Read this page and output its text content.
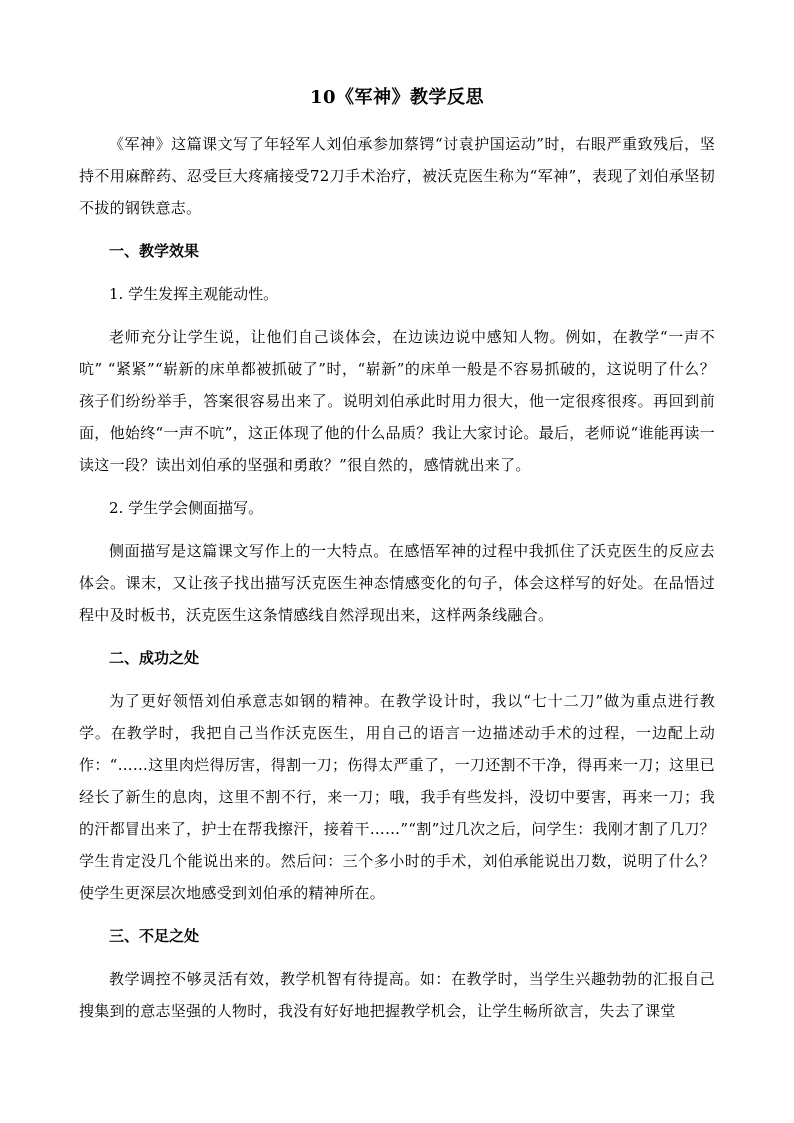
10《军神》教学反思

《军神》这篇课文写了年轻军人刘伯承参加蔡锷“讨袁护国运动”时，右眼严重致残后，坚持不用麻醉药、忍受巨大疼痛接受72刀手术治疗，被沃克医生称为“军神”，表现了刘伯承坚韧不拔的钢铁意志。

一、教学效果

1. 学生发挥主观能动性。

老师充分让学生说，让他们自己谈体会，在边读边说中感知人物。例如，在教学“一声不吭” “紧紧”“崭新的床单都被抓破了”时，“崭新”的床单一般是不容易抓破的，这说明了什么？ 孩子们纷纷举手，答案很容易出来了。说明刘伯承此时用力很大，他一定很疼很疼。再回到前面，他始终“一声不吭”，这正体现了他的什么品质？我让大家讨论。最后，老师说“谁能再读一读这一段？读出刘伯承的坚强和勇敢？”很自然的，感情就出来了。

2. 学生学会侧面描写。

侧面描写是这篇课文写作上的一大特点。在感悟军神的过程中我抓住了沃克医生的反应去体会。课末，又让孩子找出描写沃克医生神态情感变化的句子，体会这样写的好处。在品悟过程中及时板书，沃克医生这条情感线自然浮现出来，这样两条线融合。

二、成功之处

为了更好领悟刘伯承意志如钢的精神。在教学设计时，我以“七十二刀”做为重点进行教学。在教学时，我把自己当作沃克医生，用自己的语言一边描述动手术的过程，一边配上动作：“……这里肉烂得厉害，得割一刀；伤得太严重了，一刀还割不干净，得再来一刀；这里已经长了新生的息肉，这里不割不行，来一刀；哦，我手有些发抖，没切中要害，再来一刀；我的汗都冒出来了，护士在帮我擦汗，接着干……”“割”过几次之后，问学生：我刚才割了几刀？学生肯定没几个能说出来的。然后问：三个多小时的手术，刘伯承能说出刀数，说明了什么？使学生更深层次地感受到刘伯承的精神所在。

三、不足之处

教学调控不够灵活有效，教学机智有待提高。如：在教学时，当学生兴趣勃勃的汇报自己搜集到的意志坚强的人物时，我没有好好地把握教学机会，让学生畅所欲言，失去了课堂
